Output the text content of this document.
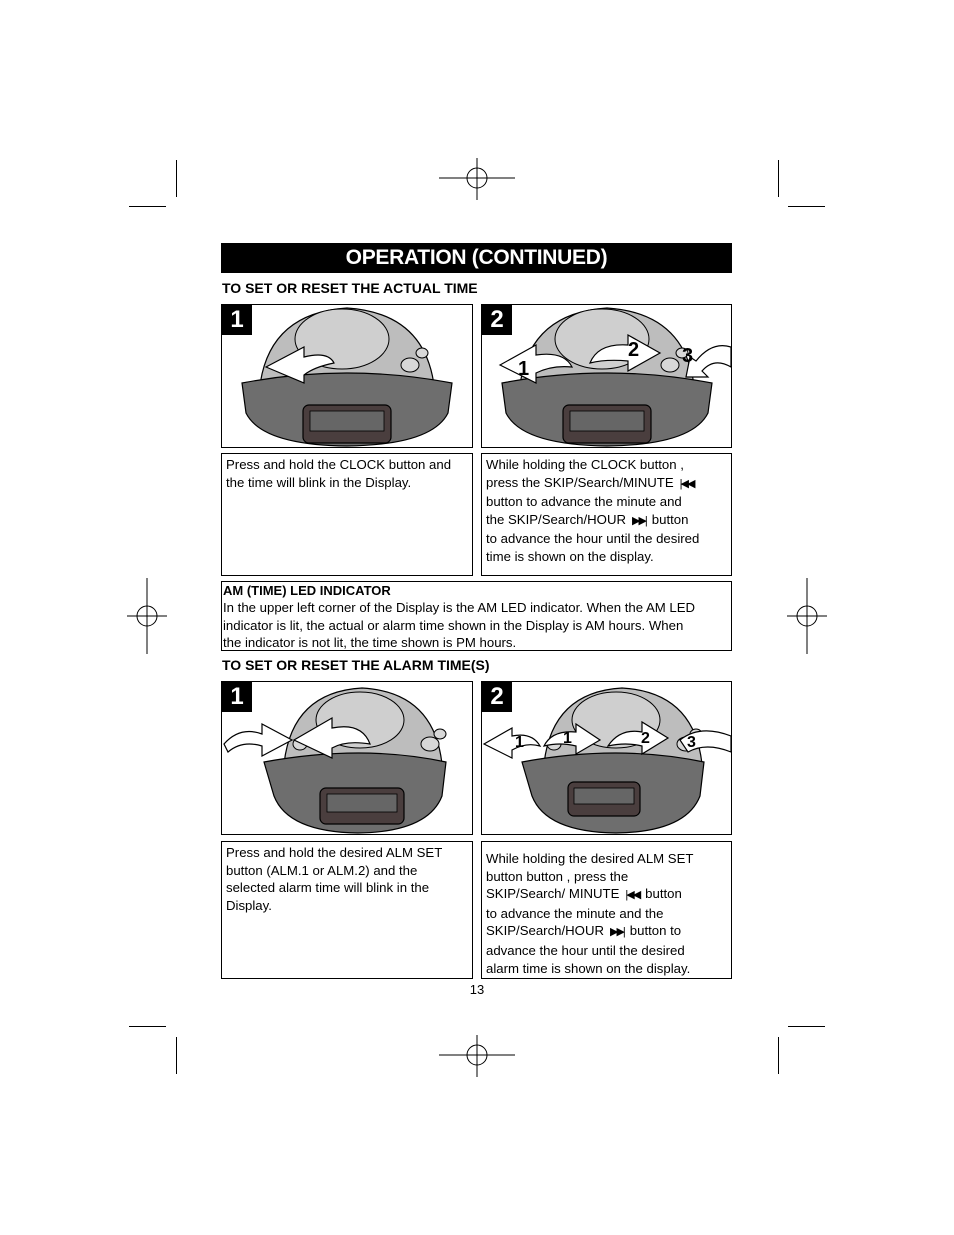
OPERATION (CONTINUED)
TO SET OR RESET THE ACTUAL TIME
1
1
2 3
2
Press and hold the CLOCK button and
the time will blink in the Display.
While holding the CLOCK button ,
press the SKIP/Search/MINUTE |◀◀
button to advance the minute and
the SKIP/Search/HOUR ▶▶| button
to advance the hour until the desired
time is shown on the display.
AM (TIME) LED INDICATOR
In the upper left corner of the Display is the AM LED indicator. When the AM LED
indicator is lit, the actual or alarm time shown in the Display is AM hours. When
the indicator is not lit, the time shown is PM hours.
TO SET OR RESET THE ALARM TIME(S)
1
1 1	2 3
2
Press and hold the desired ALM SET
button (ALM.1 or ALM.2) and the
selected alarm time will blink in the
Display.
While holding the desired ALM SET
button button , press the
SKIP/Search/ MINUTE |◀◀ button
to advance the minute and the
SKIP/Search/HOUR ▶▶| button to
advance the hour until the desired
alarm time is shown on the display.
13
